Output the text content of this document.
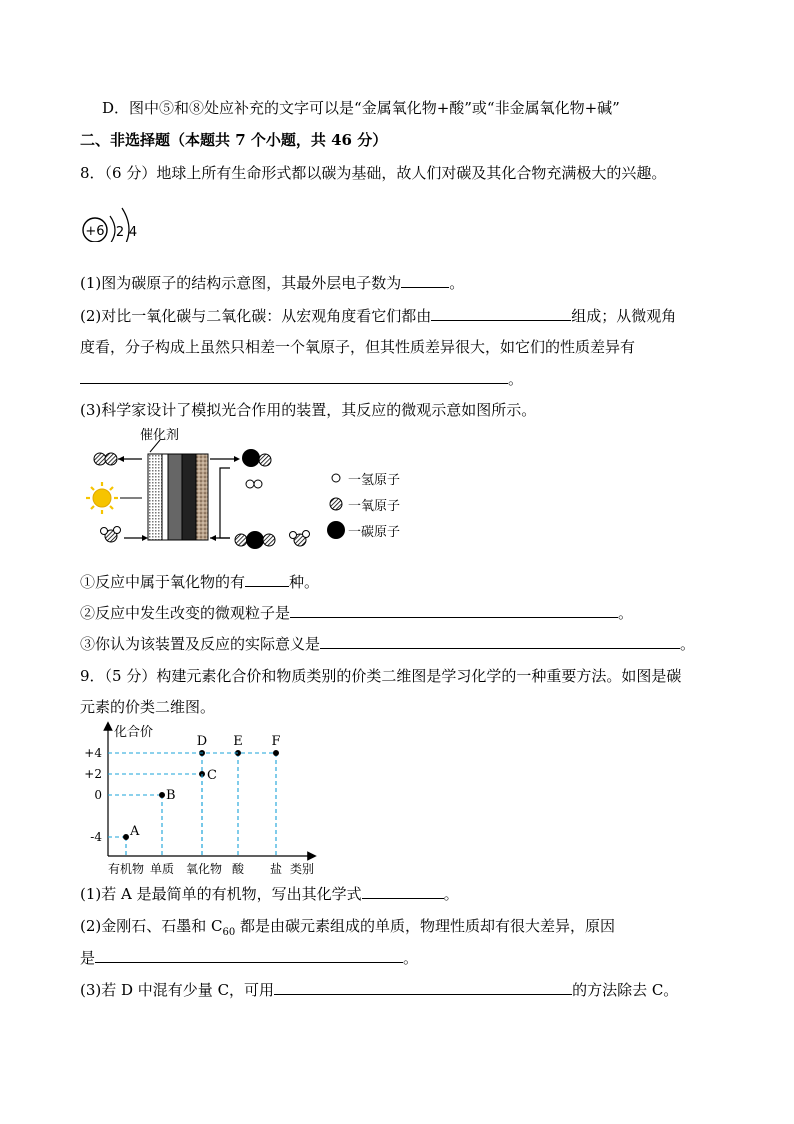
D．图中⑤和⑧处应补充的文字可以是“金属氧化物+酸”或“非金属氧化物+碱”
二、非选择题（本题共 7 个小题，共 46 分）
8．（6 分）地球上所有生命形式都以碳为基础，故人们对碳及其化合物充满极大的兴趣。
+6 2 4
(1)图为碳原子的结构示意图，其最外层电子数为	。
(2)对比一氧化碳与二氧化碳：从宏观角度看它们都由	组成；从微观角
度看，分子构成上虽然只相差一个氧原子，但其性质差异很大，如它们的性质差异有
。
(3)科学家设计了模拟光合作用的装置，其反应的微观示意如图所示。
催化剂
一氢原子
一氧原子
一碳原子
①反应中属于氧化物的有	种。
②反应中发生改变的微观粒子是	。
③你认为该装置及反应的实际意义是	。
9．（5 分）构建元素化合价和物质类别的价类二维图是学习化学的一种重要方法。如图是碳
元素的价类二维图。
化合价
+4
+2
0
-4
有机物 单质 氧化物 酸 盐 类别
A
B
C
D E F
(1)若 A 是最简单的有机物，写出其化学式	。
(2)金刚石、石墨和 $C_{60}$ 都是由碳元素组成的单质，物理性质却有很大差异，原因
是	。
(3)若 D 中混有少量 C，可用	的方法除去 C。
